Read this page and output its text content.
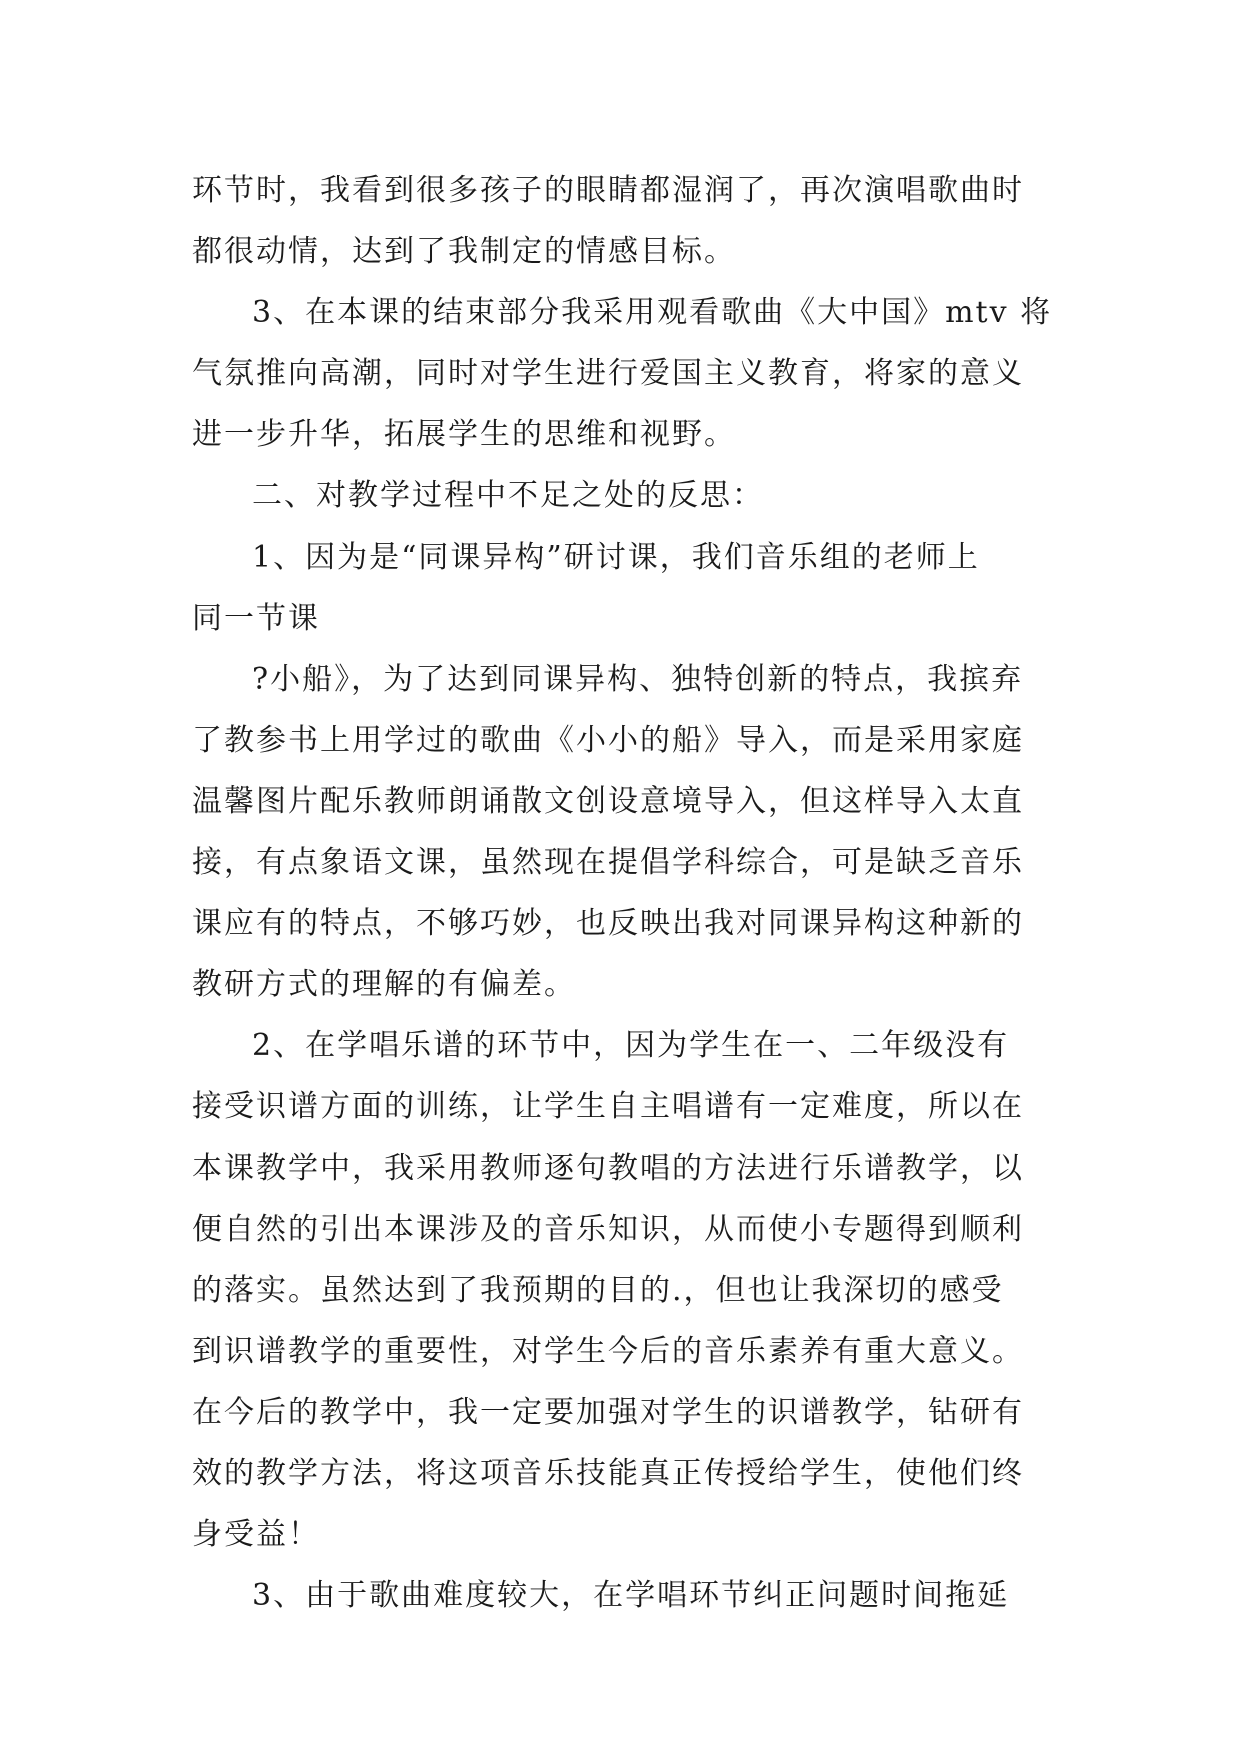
环节时，我看到很多孩子的眼睛都湿润了，再次演唱歌曲时
都很动情，达到了我制定的情感目标。
3、在本课的结束部分我采用观看歌曲《大中国》mtv 将
气氛推向高潮，同时对学生进行爱国主义教育，将家的意义
进一步升华，拓展学生的思维和视野。
二、对教学过程中不足之处的反思：
1、因为是“同课异构”研讨课，我们音乐组的老师上
同一节课
?小船》，为了达到同课异构、独特创新的特点，我摈弃
了教参书上用学过的歌曲《小小的船》导入，而是采用家庭
温馨图片配乐教师朗诵散文创设意境导入，但这样导入太直
接，有点象语文课，虽然现在提倡学科综合，可是缺乏音乐
课应有的特点，不够巧妙，也反映出我对同课异构这种新的
教研方式的理解的有偏差。
2、在学唱乐谱的环节中，因为学生在一、二年级没有
接受识谱方面的训练，让学生自主唱谱有一定难度，所以在
本课教学中，我采用教师逐句教唱的方法进行乐谱教学，以
便自然的引出本课涉及的音乐知识，从而使小专题得到顺利
的落实。虽然达到了我预期的目的.，但也让我深切的感受
到识谱教学的重要性，对学生今后的音乐素养有重大意义。
在今后的教学中，我一定要加强对学生的识谱教学，钻研有
效的教学方法，将这项音乐技能真正传授给学生，使他们终
身受益！
3、由于歌曲难度较大，在学唱环节纠正问题时间拖延
